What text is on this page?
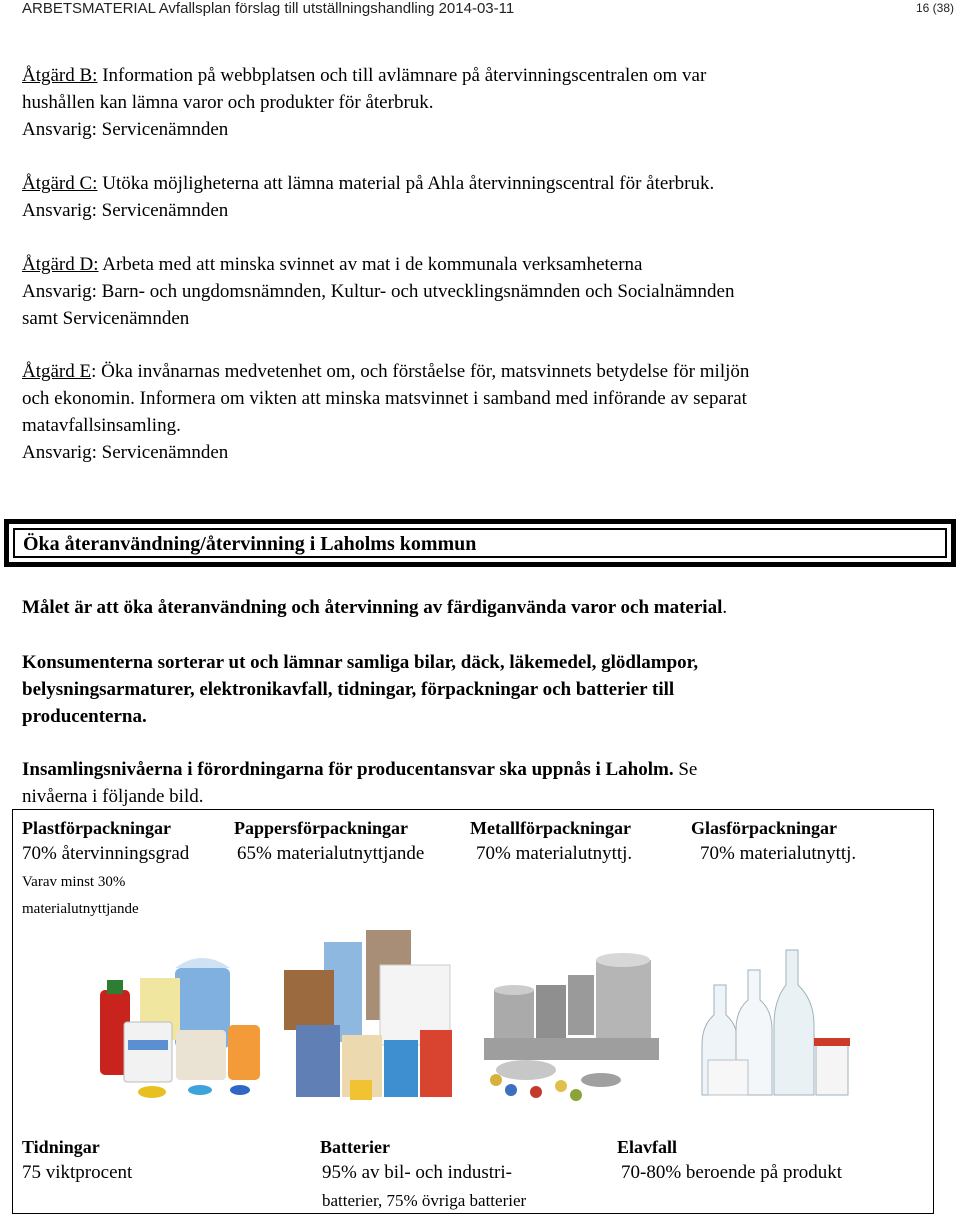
ARBETSMATERIAL Avfallsplan förslag till utställningshandling 2014-03-11	16 (38)
Åtgärd B: Information på webbplatsen och till avlämnare på återvinningscentralen om var
hushållen kan lämna varor och produkter för återbruk.
Ansvarig: Servicenämnden
Åtgärd C: Utöka möjligheterna att lämna material på Ahla återvinningscentral för återbruk.
Ansvarig: Servicenämnden
Åtgärd D: Arbeta med att minska svinnet av mat i de kommunala verksamheterna
Ansvarig: Barn- och ungdomsnämnden, Kultur- och utvecklingsnämnden och Socialnämnden
samt Servicenämnden
Åtgärd E: Öka invånarnas medvetenhet om, och förståelse för, matsvinnets betydelse för miljön
och ekonomin. Informera om vikten att minska matsvinnet i samband med införande av separat
matavfallsinsamling.
Ansvarig: Servicenämnden
Öka återanvändning/återvinning i Laholms kommun
Målet är att öka återanvändning och återvinning av färdiganvända varor och material.
Konsumenterna sorterar ut och lämnar samliga bilar, däck, läkemedel, glödlampor,
belysningsarmaturer, elektronikavfall, tidningar, förpackningar och batterier till
producenterna.
Insamlingsnivåerna i förordningarna för producentansvar ska uppnås i Laholm. Se
nivåerna i följande bild.
Plastförpackningar	Pappersförpackningar	Metallförpackningar	Glasförpackningar
70% återvinningsgrad	65% materialutnyttjande	70% materialutnyttj.	70% materialutnyttj.
Varav minst 30%
materialutnyttjande
Tidningar	Batterier	Elavfall
75 viktprocent	95% av bil- och industri-	70-80% beroende på produkt
batterier, 75% övriga batterier
